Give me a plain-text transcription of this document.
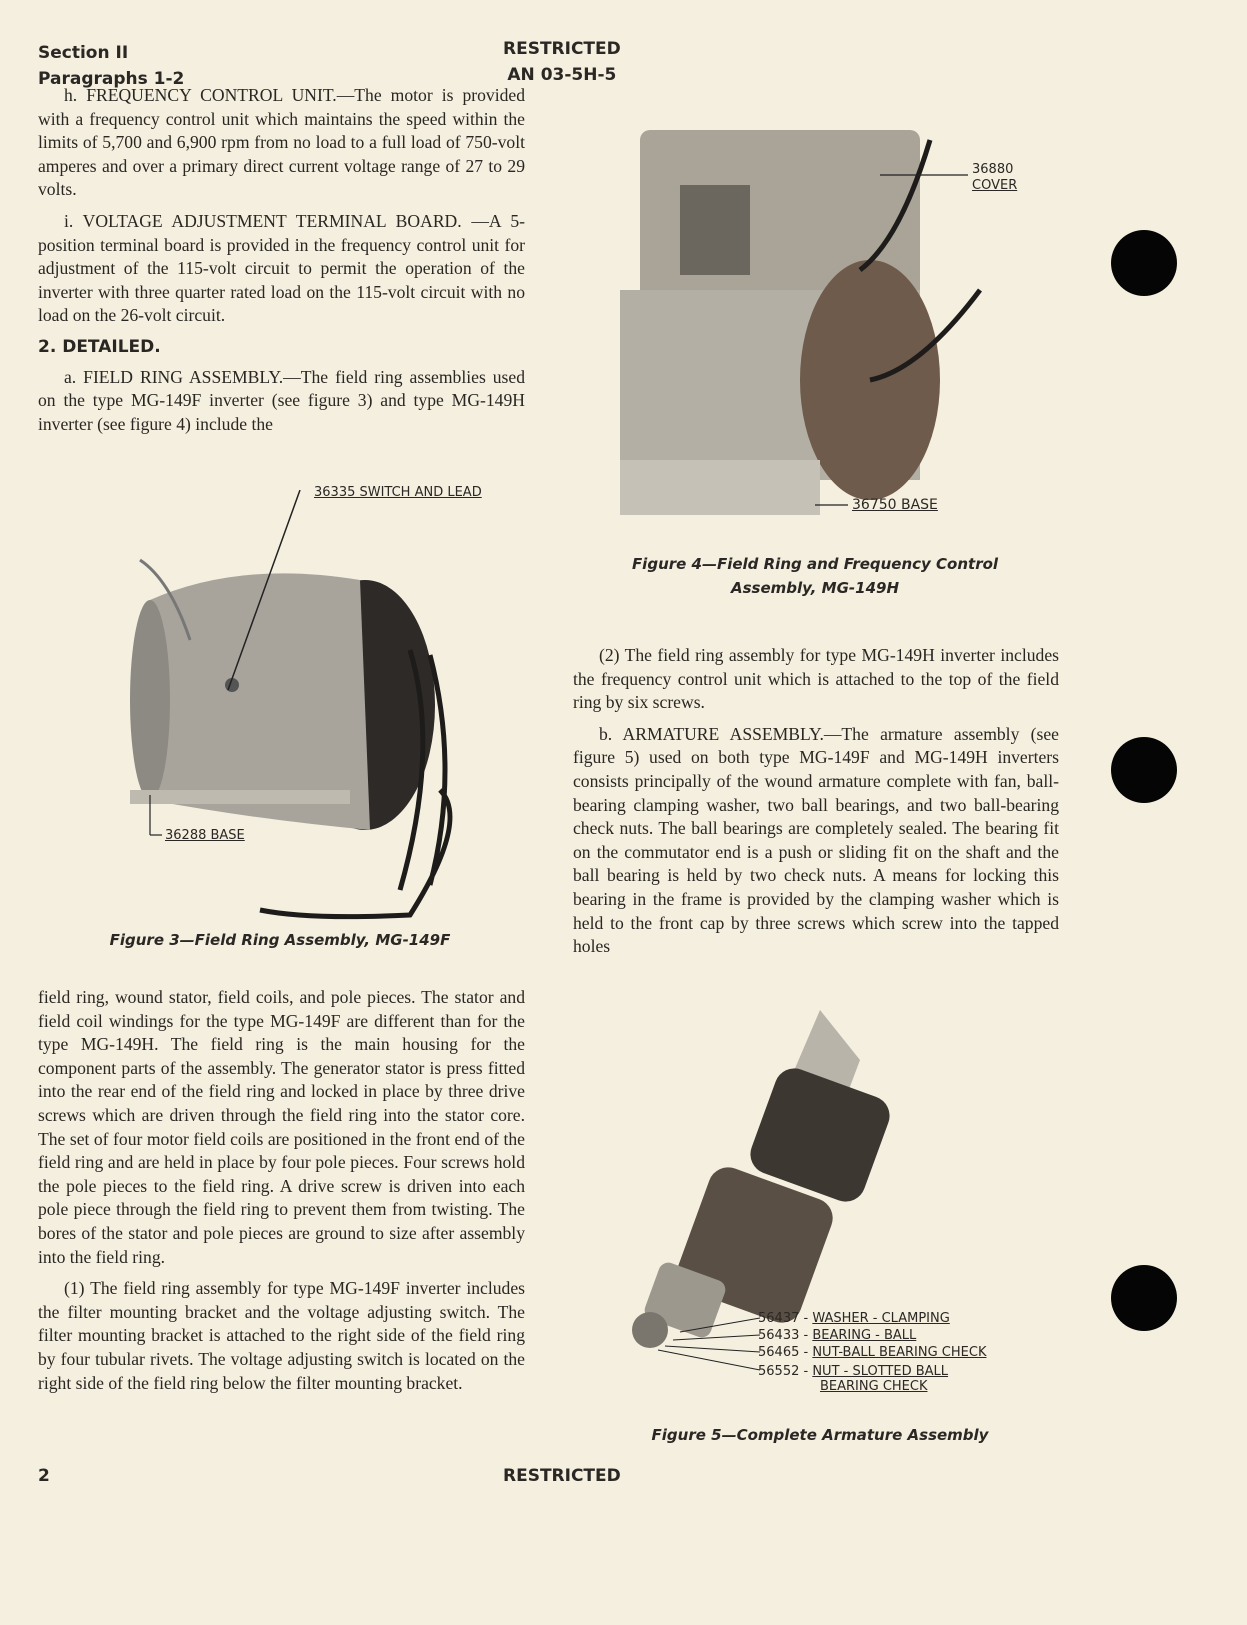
Section II
Paragraphs 1-2
RESTRICTED
AN 03-5H-5

h. FREQUENCY CONTROL UNIT.—The motor is provided with a frequency control unit which maintains the speed within the limits of 5,700 and 6,900 rpm from no load to a full load of 750-volt amperes and over a primary direct current voltage range of 27 to 29 volts.

i. VOLTAGE ADJUSTMENT TERMINAL BOARD. —A 5-position terminal board is provided in the frequency control unit for adjustment of the 115-volt circuit to permit the operation of the inverter with three quarter rated load on the 115-volt circuit with no load on the 26-volt circuit.

2. DETAILED.

a. FIELD RING ASSEMBLY.—The field ring assemblies used on the type MG-149F inverter (see figure 3) and type MG-149H inverter (see figure 4) include the

36335 SWITCH AND LEAD
36288 BASE
Figure 3—Field Ring Assembly, MG-149F

field ring, wound stator, field coils, and pole pieces. The stator and field coil windings for the type MG-149F are different than for the type MG-149H. The field ring is the main housing for the component parts of the assembly. The generator stator is press fitted into the rear end of the field ring and locked in place by three drive screws which are driven through the field ring into the stator core. The set of four motor field coils are positioned in the front end of the field ring and are held in place by four pole pieces. Four screws hold the pole pieces to the field ring. A drive screw is driven into each pole piece through the field ring to prevent them from twisting. The bores of the stator and pole pieces are ground to size after assembly into the field ring.

(1) The field ring assembly for type MG-149F inverter includes the filter mounting bracket and the voltage adjusting switch. The filter mounting bracket is attached to the right side of the field ring by four tubular rivets. The voltage adjusting switch is located on the right side of the field ring below the filter mounting bracket.

36880
COVER
36750 BASE
Figure 4—Field Ring and Frequency Control
Assembly, MG-149H

(2) The field ring assembly for type MG-149H inverter includes the frequency control unit which is attached to the top of the field ring by six screws.

b. ARMATURE ASSEMBLY.—The armature assembly (see figure 5) used on both type MG-149F and MG-149H inverters consists principally of the wound armature complete with fan, ball-bearing clamping washer, two ball bearings, and two ball-bearing check nuts. The ball bearings are completely sealed. The bearing fit on the commutator end is a push or sliding fit on the shaft and the ball bearing is held by two check nuts. A means for locking this bearing in the frame is provided by the clamping washer which is held to the front cap by three screws which screw into the tapped holes

56437 - WASHER - CLAMPING
56433 - BEARING - BALL
56465 - NUT-BALL BEARING CHECK
56552 - NUT - SLOTTED BALL
BEARING CHECK
Figure 5—Complete Armature Assembly
2	RESTRICTED
